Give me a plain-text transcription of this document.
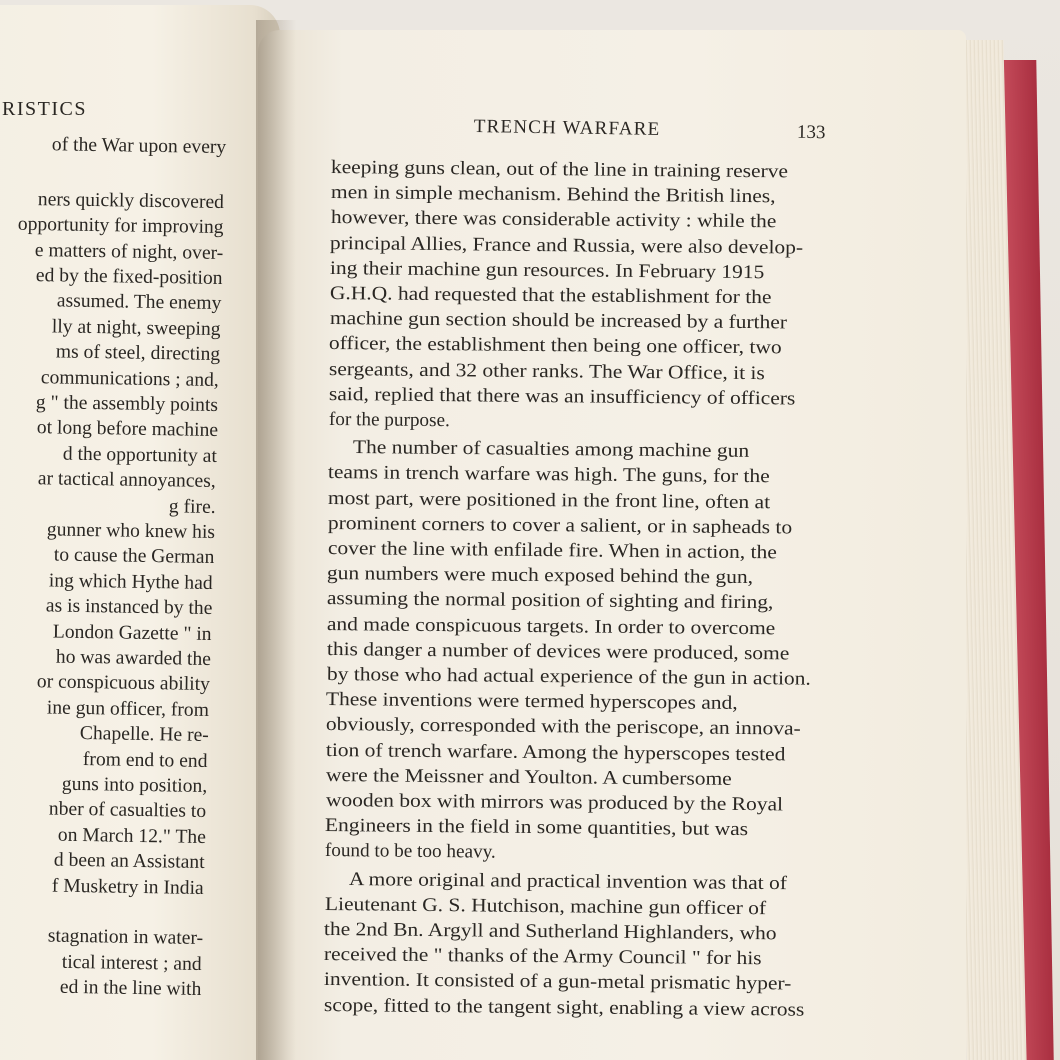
RISTICS
of the War upon every
ners quickly discovered
opportunity for improving
e matters of night, over-
ed by the fixed-position
assumed. The enemy
lly at night, sweeping
ms of steel, directing
communications ; and,
g " the assembly points
ot long before machine
d the opportunity at
ar tactical annoyances,
g fire.
gunner who knew his
to cause the German
ing which Hythe had
as is instanced by the
London Gazette " in
ho was awarded the
or conspicuous ability
ine gun officer, from
Chapelle. He re-
from end to end
guns into position,
nber of casualties to
on March 12." The
d been an Assistant
f Musketry in India
stagnation in water-
tical interest ; and
ed in the line with
TRENCH WARFARE	133
keeping guns clean, out of the line in training reserve
men in simple mechanism. Behind the British lines,
however, there was considerable activity : while the
principal Allies, France and Russia, were also develop-
ing their machine gun resources. In February 1915
G.H.Q. had requested that the establishment for the
machine gun section should be increased by a further
officer, the establishment then being one officer, two
sergeants, and 32 other ranks. The War Office, it is
said, replied that there was an insufficiency of officers
for the purpose.
The number of casualties among machine gun
teams in trench warfare was high. The guns, for the
most part, were positioned in the front line, often at
prominent corners to cover a salient, or in sapheads to
cover the line with enfilade fire. When in action, the
gun numbers were much exposed behind the gun,
assuming the normal position of sighting and firing,
and made conspicuous targets. In order to overcome
this danger a number of devices were produced, some
by those who had actual experience of the gun in action.
These inventions were termed hyperscopes and,
obviously, corresponded with the periscope, an innova-
tion of trench warfare. Among the hyperscopes tested
were the Meissner and Youlton. A cumbersome
wooden box with mirrors was produced by the Royal
Engineers in the field in some quantities, but was
found to be too heavy.
A more original and practical invention was that of
Lieutenant G. S. Hutchison, machine gun officer of
the 2nd Bn. Argyll and Sutherland Highlanders, who
received the " thanks of the Army Council " for his
invention. It consisted of a gun-metal prismatic hyper-
scope, fitted to the tangent sight, enabling a view across
